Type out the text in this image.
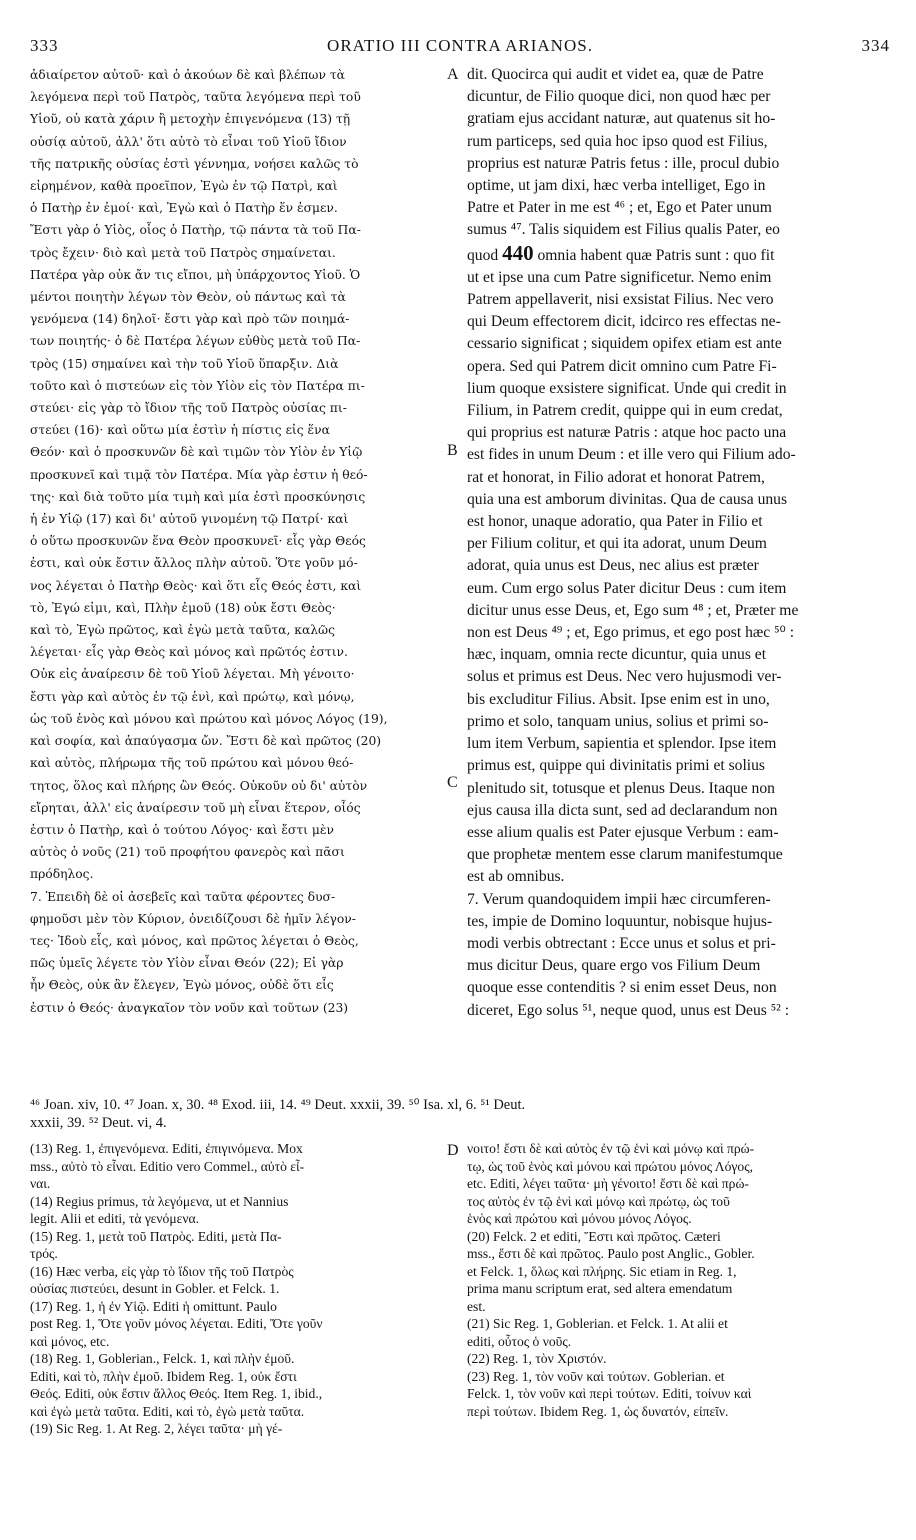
333	ORATIO III CONTRA ARIANOS.	334
ἀδιαίρετον αὐτοῦ· καὶ ὁ ἀκούων δὲ καὶ βλέπων τὰ
λεγόμενα περὶ τοῦ Πατρὸς, ταῦτα λεγόμενα περὶ τοῦ
Υἱοῦ, οὐ κατὰ χάριν ἢ μετοχὴν ἐπιγενόμενα (13) τῇ
οὐσίᾳ αὐτοῦ, ἀλλ' ὅτι αὐτὸ τὸ εἶναι τοῦ Υἱοῦ ἴδιον
τῆς πατρικῆς οὐσίας ἐστὶ γέννημα, νοήσει καλῶς τὸ
εἰρημένον, καθὰ προεῖπον, Ἐγὼ ἐν τῷ Πατρὶ, καὶ
ὁ Πατὴρ ἐν ἐμοί· καὶ, Ἐγὼ καὶ ὁ Πατὴρ ἕν ἐσμεν.
Ἔστι γὰρ ὁ Υἱὸς, οἷος ὁ Πατὴρ, τῷ πάντα τὰ τοῦ Πα-
τρὸς ἔχειν· διὸ καὶ μετὰ τοῦ Πατρὸς σημαίνεται.
Πατέρα γὰρ οὐκ ἄν τις εἴποι, μὴ ὑπάρχοντος Υἱοῦ. Ὁ
μέντοι ποιητὴν λέγων τὸν Θεὸν, οὐ πάντως καὶ τὰ
γενόμενα (14) δηλοῖ· ἔστι γὰρ καὶ πρὸ τῶν ποιημά-
των ποιητής· ὁ δὲ Πατέρα λέγων εὐθὺς μετὰ τοῦ Πα-
τρὸς (15) σημαίνει καὶ τὴν τοῦ Υἱοῦ ὕπαρξιν. Διὰ
τοῦτο καὶ ὁ πιστεύων εἰς τὸν Υἱὸν εἰς τὸν Πατέρα πι-
στεύει· εἰς γὰρ τὸ ἴδιον τῆς τοῦ Πατρὸς οὐσίας πι-
στεύει (16)· καὶ οὕτω μία ἐστὶν ἡ πίστις εἰς ἕνα
Θεόν· καὶ ὁ προσκυνῶν δὲ καὶ τιμῶν τὸν Υἱὸν ἐν Υἱῷ
προσκυνεῖ καὶ τιμᾷ τὸν Πατέρα. Μία γὰρ ἐστιν ἡ θεό-
της· καὶ διὰ τοῦτο μία τιμὴ καὶ μία ἐστὶ προσκύνησις
ἡ ἐν Υἱῷ (17) καὶ δι' αὐτοῦ γινομένη τῷ Πατρί· καὶ
ὁ οὕτω προσκυνῶν ἕνα Θεὸν προσκυνεῖ· εἷς γὰρ Θεός
ἐστι, καὶ οὐκ ἔστιν ἄλλος πλὴν αὐτοῦ. Ὅτε γοῦν μό-
νος λέγεται ὁ Πατὴρ Θεὸς· καὶ ὅτι εἷς Θεός ἐστι, καὶ
τὸ, Ἐγώ εἰμι, καὶ, Πλὴν ἐμοῦ (18) οὐκ ἔστι Θεὸς·
καὶ τὸ, Ἐγὼ πρῶτος, καὶ ἐγὼ μετὰ ταῦτα, καλῶς
λέγεται· εἷς γὰρ Θεὸς καὶ μόνος καὶ πρῶτός ἐστιν.
Οὐκ εἰς ἀναίρεσιν δὲ τοῦ Υἱοῦ λέγεται. Μὴ γένοιτο·
ἔστι γὰρ καὶ αὐτὸς ἐν τῷ ἑνὶ, καὶ πρώτῳ, καὶ μόνῳ,
ὡς τοῦ ἑνὸς καὶ μόνου καὶ πρώτου καὶ μόνος Λόγος (19),
καὶ σοφία, καὶ ἀπαύγασμα ὤν. Ἔστι δὲ καὶ πρῶτος (20)
καὶ αὐτὸς, πλήρωμα τῆς τοῦ πρώτου καὶ μόνου θεό-
τητος, ὅλος καὶ πλήρης ὢν Θεός. Οὐκοῦν οὐ δι' αὐτὸν
εἴρηται, ἀλλ' εἰς ἀναίρεσιν τοῦ μὴ εἶναι ἕτερον, οἷός
ἐστιν ὁ Πατὴρ, καὶ ὁ τούτου Λόγος· καὶ ἔστι μὲν
αὐτὸς ὁ νοῦς (21) τοῦ προφήτου φανερὸς καὶ πᾶσι
πρόδηλος.
7. Ἐπειδὴ δὲ οἱ ἀσεβεῖς καὶ ταῦτα φέροντες δυσ-
φημοῦσι μὲν τὸν Κύριον, ὀνειδίζουσι δὲ ἡμῖν λέγον-
τες· Ἰδοὺ εἷς, καὶ μόνος, καὶ πρῶτος λέγεται ὁ Θεὸς,
πῶς ὑμεῖς λέγετε τὸν Υἱὸν εἶναι Θεόν (22); Εἰ γὰρ
ἦν Θεὸς, οὐκ ἂν ἔλεγεν, Ἐγὼ μόνος, οὐδὲ ὅτι εἷς
ἐστιν ὁ Θεός· ἀναγκαῖον τὸν νοῦν καὶ τοῦτων (23)
dit. Quocirca qui audit et videt ea, quæ de Patre
dicuntur, de Filio quoque dici, non quod hæc per
gratiam ejus accidant naturæ, aut quatenus sit ho-
rum particeps, sed quia hoc ipso quod est Filius,
proprius est naturæ Patris fetus : ille, procul dubio
optime, ut jam dixi, hæc verba intelliget, Ego in
Patre et Pater in me est ⁴⁶ ; et, Ego et Pater unum
sumus ⁴⁷. Talis siquidem est Filius qualis Pater, eo
quod 440 omnia habent quæ Patris sunt : quo fit
ut et ipse una cum Patre significetur. Nemo enim
Patrem appellaverit, nisi exsistat Filius. Nec vero
qui Deum effectorem dicit, idcirco res effectas ne-
cessario significat ; siquidem opifex etiam est ante
opera. Sed qui Patrem dicit omnino cum Patre Fi-
lium quoque exsistere significat. Unde qui credit in
Filium, in Patrem credit, quippe qui in eum credat,
qui proprius est naturæ Patris : atque hoc pacto una
est fides in unum Deum : et ille vero qui Filium ado-
rat et honorat, in Filio adorat et honorat Patrem,
quia una est amborum divinitas. Qua de causa unus
est honor, unaque adoratio, qua Pater in Filio et
per Filium colitur, et qui ita adorat, unum Deum
adorat, quia unus est Deus, nec alius est præter
eum. Cum ergo solus Pater dicitur Deus : cum item
dicitur unus esse Deus, et, Ego sum ⁴⁸ ; et, Præter me
non est Deus ⁴⁹ ; et, Ego primus, et ego post hæc ⁵⁰ :
hæc, inquam, omnia recte dicuntur, quia unus et
solus et primus est Deus. Nec vero hujusmodi ver-
bis excluditur Filius. Absit. Ipse enim est in uno,
primo et solo, tanquam unius, solius et primi so-
lum item Verbum, sapientia et splendor. Ipse item
primus est, quippe qui divinitatis primi et solius
plenitudo sit, totusque et plenus Deus. Itaque non
ejus causa illa dicta sunt, sed ad declarandum non
esse alium qualis est Pater ejusque Verbum : eam-
que prophetæ mentem esse clarum manifestumque
est ab omnibus.
7. Verum quandoquidem impii hæc circumferen-
tes, impie de Domino loquuntur, nobisque hujus-
modi verbis obtrectant : Ecce unus et solus et pri-
mus dicitur Deus, quare ergo vos Filium Deum
quoque esse contenditis ? si enim esset Deus, non
diceret, Ego solus ⁵¹, neque quod, unus est Deus ⁵² :
A
B
C
D
⁴⁶ Joan. xiv, 10. ⁴⁷ Joan. x, 30. ⁴⁸ Exod. iii, 14. ⁴⁹ Deut. xxxii, 39. ⁵⁰ Isa. xl, 6. ⁵¹ Deut.
xxxii, 39. ⁵² Deut. vi, 4.
(13) Reg. 1, ἐπιγενόμενα. Editi, ἐπιγινόμενα. Mox
mss., αὐτὸ τὸ εἶναι. Editio vero Commel., αὐτὸ εἶ-
ναι.
(14) Regius primus, τὰ λεγόμενα, ut et Nannius
legit. Alii et editi, τὰ γενόμενα.
(15) Reg. 1, μετὰ τοῦ Πατρὸς. Editi, μετὰ Πα-
τρός.
(16) Hæc verba, εἰς γὰρ τὸ ἴδιον τῆς τοῦ Πατρὸς
οὐσίας πιστεύει, desunt in Gobler. et Felck. 1.
(17) Reg. 1, ἡ ἐν Υἱῷ. Editi ἡ omittunt. Paulo
post Reg. 1, Ὅτε γοῦν μόνος λέγεται. Editi, Ὅτε γοῦν
καὶ μόνος, etc.
(18) Reg. 1, Goblerian., Felck. 1, καὶ πλὴν ἐμοῦ.
Editi, καὶ τὸ, πλὴν ἐμοῦ. Ibidem Reg. 1, οὐκ ἔστι
Θεός. Editi, οὐκ ἔστιν ἄλλος Θεός. Item Reg. 1, ibid.,
καὶ ἐγὼ μετὰ ταῦτα. Editi, καὶ τὸ, ἐγὼ μετὰ ταῦτα.
(19) Sic Reg. 1. At Reg. 2, λέγει ταῦτα· μὴ γέ-
νοιτο! ἔστι δὲ καὶ αὐτὸς ἐν τῷ ἑνὶ καὶ μόνῳ καὶ πρώ-
τῳ, ὡς τοῦ ἑνὸς καὶ μόνου καὶ πρώτου μόνος Λόγος,
etc. Editi, λέγει ταῦτα· μὴ γένοιτο! ἔστι δὲ καὶ πρώ-
τος αὐτὸς ἐν τῷ ἑνὶ καὶ μόνῳ καὶ πρώτῳ, ὡς τοῦ
ἑνὸς καὶ πρώτου καὶ μόνου μόνος Λόγος.
(20) Felck. 2 et editi, Ἔστι καὶ πρῶτος. Cæteri
mss., ἔστι δὲ καὶ πρῶτος. Paulo post Anglic., Gobler.
et Felck. 1, ὅλως καὶ πλήρης. Sic etiam in Reg. 1,
prima manu scriptum erat, sed altera emendatum
est.
(21) Sic Reg. 1, Goblerian. et Felck. 1. At alii et
editi, οὗτος ὁ νοῦς.
(22) Reg. 1, τὸν Χριστόν.
(23) Reg. 1, τὸν νοῦν καὶ τούτων. Goblerian. et
Felck. 1, τὸν νοῦν καὶ περὶ τούτων. Editi, τοίνυν καὶ
περὶ τούτων. Ibidem Reg. 1, ὡς δυνατόν, εἰπεῖν.
